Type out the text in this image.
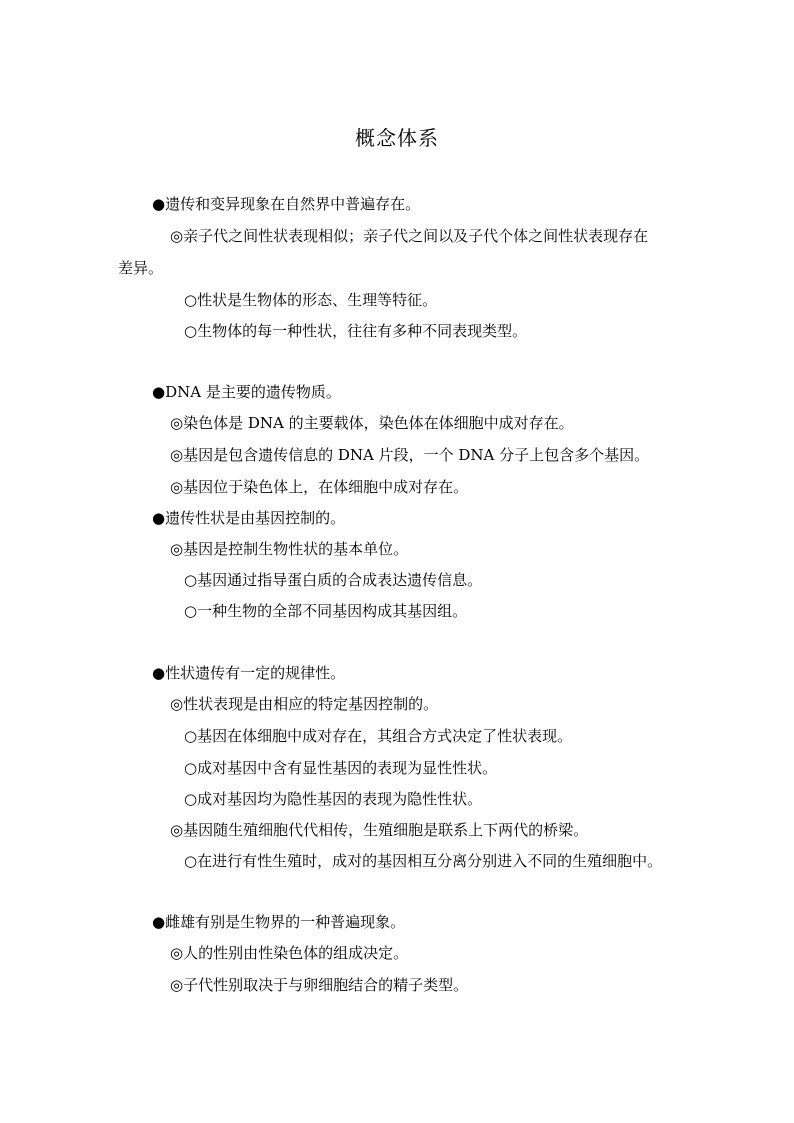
概念体系
●遗传和变异现象在自然界中普遍存在。
◎亲子代之间性状表现相似；亲子代之间以及子代个体之间性状表现存在
差异。
○性状是生物体的形态、生理等特征。
○生物体的每一种性状，往往有多种不同表现类型。
●DNA 是主要的遗传物质。
◎染色体是 DNA 的主要载体，染色体在体细胞中成对存在。
◎基因是包含遗传信息的 DNA 片段，一个 DNA 分子上包含多个基因。
◎基因位于染色体上，在体细胞中成对存在。
●遗传性状是由基因控制的。
◎基因是控制生物性状的基本单位。
○基因通过指导蛋白质的合成表达遗传信息。
○一种生物的全部不同基因构成其基因组。
●性状遗传有一定的规律性。
◎性状表现是由相应的特定基因控制的。
○基因在体细胞中成对存在，其组合方式决定了性状表现。
○成对基因中含有显性基因的表现为显性性状。
○成对基因均为隐性基因的表现为隐性性状。
◎基因随生殖细胞代代相传，生殖细胞是联系上下两代的桥梁。
○在进行有性生殖时，成对的基因相互分离分别进入不同的生殖细胞中。
●雌雄有别是生物界的一种普遍现象。
◎人的性别由性染色体的组成决定。
◎子代性别取决于与卵细胞结合的精子类型。
